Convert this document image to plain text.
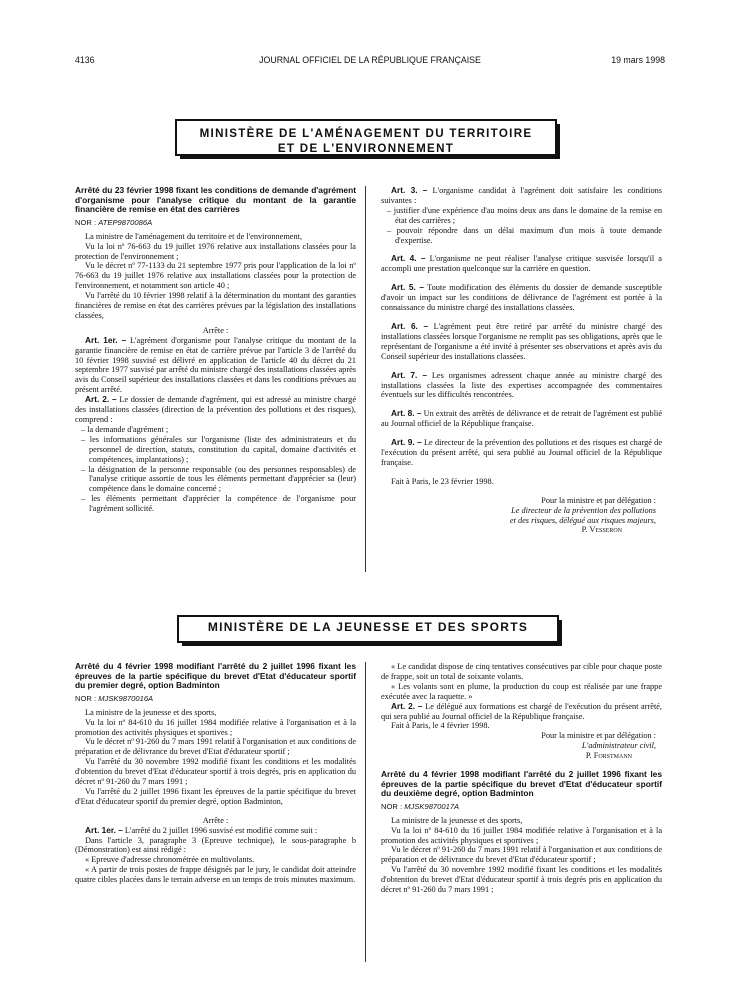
4136	JOURNAL OFFICIEL DE LA RÉPUBLIQUE FRANÇAISE	19 mars 1998
MINISTÈRE DE L'AMÉNAGEMENT DU TERRITOIRE
ET DE L'ENVIRONNEMENT

Arrêté du 23 février 1998 fixant les conditions de demande d'agrément d'organisme pour l'analyse critique du montant de la garantie financière de remise en état des carrières

NOR : ATEP9870086A

La ministre de l'aménagement du territoire et de l'environnement,

Vu la loi nº 76-663 du 19 juillet 1976 relative aux installations classées pour la protection de l'environnement ;

Vu le décret nº 77-1133 du 21 septembre 1977 pris pour l'application de la loi nº 76-663 du 19 juillet 1976 relative aux installations classées pour la protection de l'environnement, et notamment son article 40 ;

Vu l'arrêté du 10 février 1998 relatif à la détermination du montant des garanties financières de remise en état des carrières prévues par la législation des installations classées,

Arrête :

Art. 1er. – L'agrément d'organisme pour l'analyse critique du montant de la garantie financière de remise en état de carrière prévue par l'article 3 de l'arrêté du 10 février 1998 susvisé est délivré en application de l'article 40 du décret du 21 septembre 1977 susvisé par arrêté du ministre chargé des installations classées après avis du Conseil supérieur des installations classées et dans les conditions prévues au présent arrêté.

Art. 2. – Le dossier de demande d'agrément, qui est adressé au ministre chargé des installations classées (direction de la prévention des pollutions et des risques), comprend :

– la demande d'agrément ;

– les informations générales sur l'organisme (liste des administrateurs et du personnel de direction, statuts, constitution du capital, domaine d'activités et compétences, implantations) ;

– la désignation de la personne responsable (ou des personnes responsables) de l'analyse critique assortie de tous les éléments permettant d'apprécier sa (leur) compétence dans le domaine concerné ;

– les éléments permettant d'apprécier la compétence de l'organisme pour l'agrément sollicité.

Art. 3. – L'organisme candidat à l'agrément doit satisfaire les conditions suivantes :

– justifier d'une expérience d'au moins deux ans dans le domaine de la remise en état des carrières ;

– pouvoir répondre dans un délai maximum d'un mois à toute demande d'expertise.

Art. 4. – L'organisme ne peut réaliser l'analyse critique susvisée lorsqu'il a accompli une prestation quelconque sur la carrière en question.

Art. 5. – Toute modification des éléments du dossier de demande susceptible d'avoir un impact sur les conditions de délivrance de l'agrément est portée à la connaissance du ministre chargé des installations classées.

Art. 6. – L'agrément peut être retiré par arrêté du ministre chargé des installations classées lorsque l'organisme ne remplit pas ses obligations, après que le représentant de l'organisme a été invité à présenter ses observations et après avis du Conseil supérieur des installations classées.

Art. 7. – Les organismes adressent chaque année au ministre chargé des installations classées la liste des expertises accompagnée des commentaires éventuels sur les difficultés rencontrées.

Art. 8. – Un extrait des arrêtés de délivrance et de retrait de l'agrément est publié au Journal officiel de la République française.

Art. 9. – Le directeur de la prévention des pollutions et des risques est chargé de l'exécution du présent arrêté, qui sera publié au Journal officiel de la République française.

Fait à Paris, le 23 février 1998.

Pour la ministre et par délégation :

Le directeur de la prévention des pollutions

et des risques, délégué aux risques majeurs,

P. Vesseron

MINISTÈRE DE LA JEUNESSE ET DES SPORTS

Arrêté du 4 février 1998 modifiant l'arrêté du 2 juillet 1996 fixant les épreuves de la partie spécifique du brevet d'Etat d'éducateur sportif du premier degré, option Badminton

NOR : MJSK9870016A

La ministre de la jeunesse et des sports,

Vu la loi nº 84-610 du 16 juillet 1984 modifiée relative à l'organisation et à la promotion des activités physiques et sportives ;

Vu le décret nº 91-260 du 7 mars 1991 relatif à l'organisation et aux conditions de préparation et de délivrance du brevet d'Etat d'éducateur sportif ;

Vu l'arrêté du 30 novembre 1992 modifié fixant les conditions et les modalités d'obtention du brevet d'Etat d'éducateur sportif à trois degrés, pris en application du décret nº 91-260 du 7 mars 1991 ;

Vu l'arrêté du 2 juillet 1996 fixant les épreuves de la partie spécifique du brevet d'Etat d'éducateur sportif du premier degré, option Badminton,

Arrête :

Art. 1er. – L'arrêté du 2 juillet 1996 susvisé est modifié comme suit :

Dans l'article 3, paragraphe 3 (Epreuve technique), le sous-paragraphe b (Démonstration) est ainsi rédigé :

« Epreuve d'adresse chronométrée en multivolants.

« A partir de trois postes de frappe désignés par le jury, le candidat doit atteindre quatre cibles placées dans le terrain adverse en un temps de trois minutes maximum.

« Le candidat dispose de cinq tentatives consécutives par cible pour chaque poste de frappe, soit un total de soixante volants.

« Les volants sont en plume, la production du coup est réalisée par une frappe exécutée avec la raquette. »

Art. 2. – Le délégué aux formations est chargé de l'exécution du présent arrêté, qui sera publié au Journal officiel de la République française.

Fait à Paris, le 4 février 1998.

Pour la ministre et par délégation :

L'administrateur civil,

P. Forstmann

Arrêté du 4 février 1998 modifiant l'arrêté du 2 juillet 1996 fixant les épreuves de la partie spécifique du brevet d'Etat d'éducateur sportif du deuxième degré, option Badminton

NOR : MJSK9870017A

La ministre de la jeunesse et des sports,

Vu la loi nº 84-610 du 16 juillet 1984 modifiée relative à l'organisation et à la promotion des activités physiques et sportives ;

Vu le décret nº 91-260 du 7 mars 1991 relatif à l'organisation et aux conditions de préparation et de délivrance du brevet d'Etat d'éducateur sportif ;

Vu l'arrêté du 30 novembre 1992 modifié fixant les conditions et les modalités d'obtention du brevet d'Etat d'éducateur sportif à trois degrés pris en application du décret nº 91-260 du 7 mars 1991 ;
